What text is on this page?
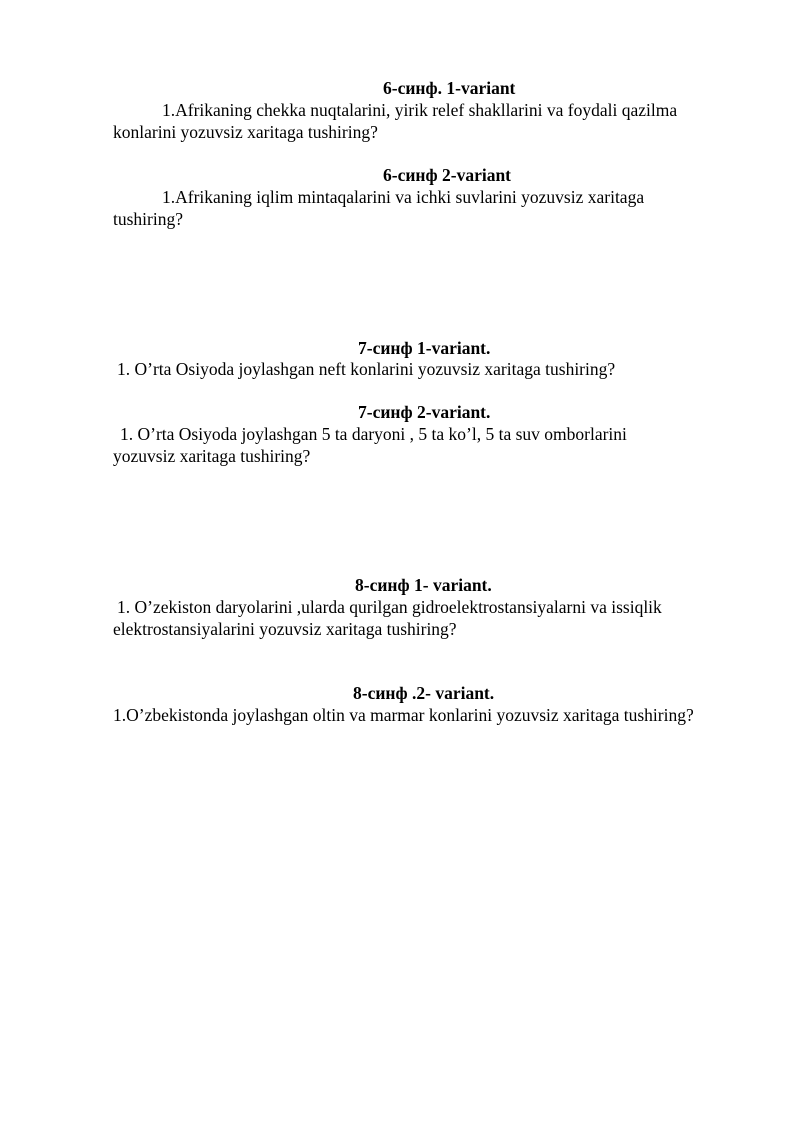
6-синф. 1-variant
1.Afrikaning chekka nuqtalarini, yirik relef shakllarini va foydali qazilma
konlarini yozuvsiz xaritaga tushiring?
6-синф 2-variant
1.Afrikaning iqlim mintaqalarini va ichki suvlarini yozuvsiz xaritaga
tushiring?
7-синф 1-variant.
1. O’rta Osiyoda joylashgan neft konlarini yozuvsiz xaritaga tushiring?
7-синф 2-variant.
1. O’rta Osiyoda joylashgan 5 ta daryoni , 5 ta ko’l, 5 ta suv omborlarini
yozuvsiz xaritaga tushiring?
8-синф 1- variant.
1. O’zekiston daryolarini ,ularda qurilgan gidroelektrostansiyalarni va issiqlik
elektrostansiyalarini yozuvsiz xaritaga tushiring?
8-синф .2- variant.
1.O’zbekistonda joylashgan oltin va marmar konlarini yozuvsiz xaritaga tushiring?
